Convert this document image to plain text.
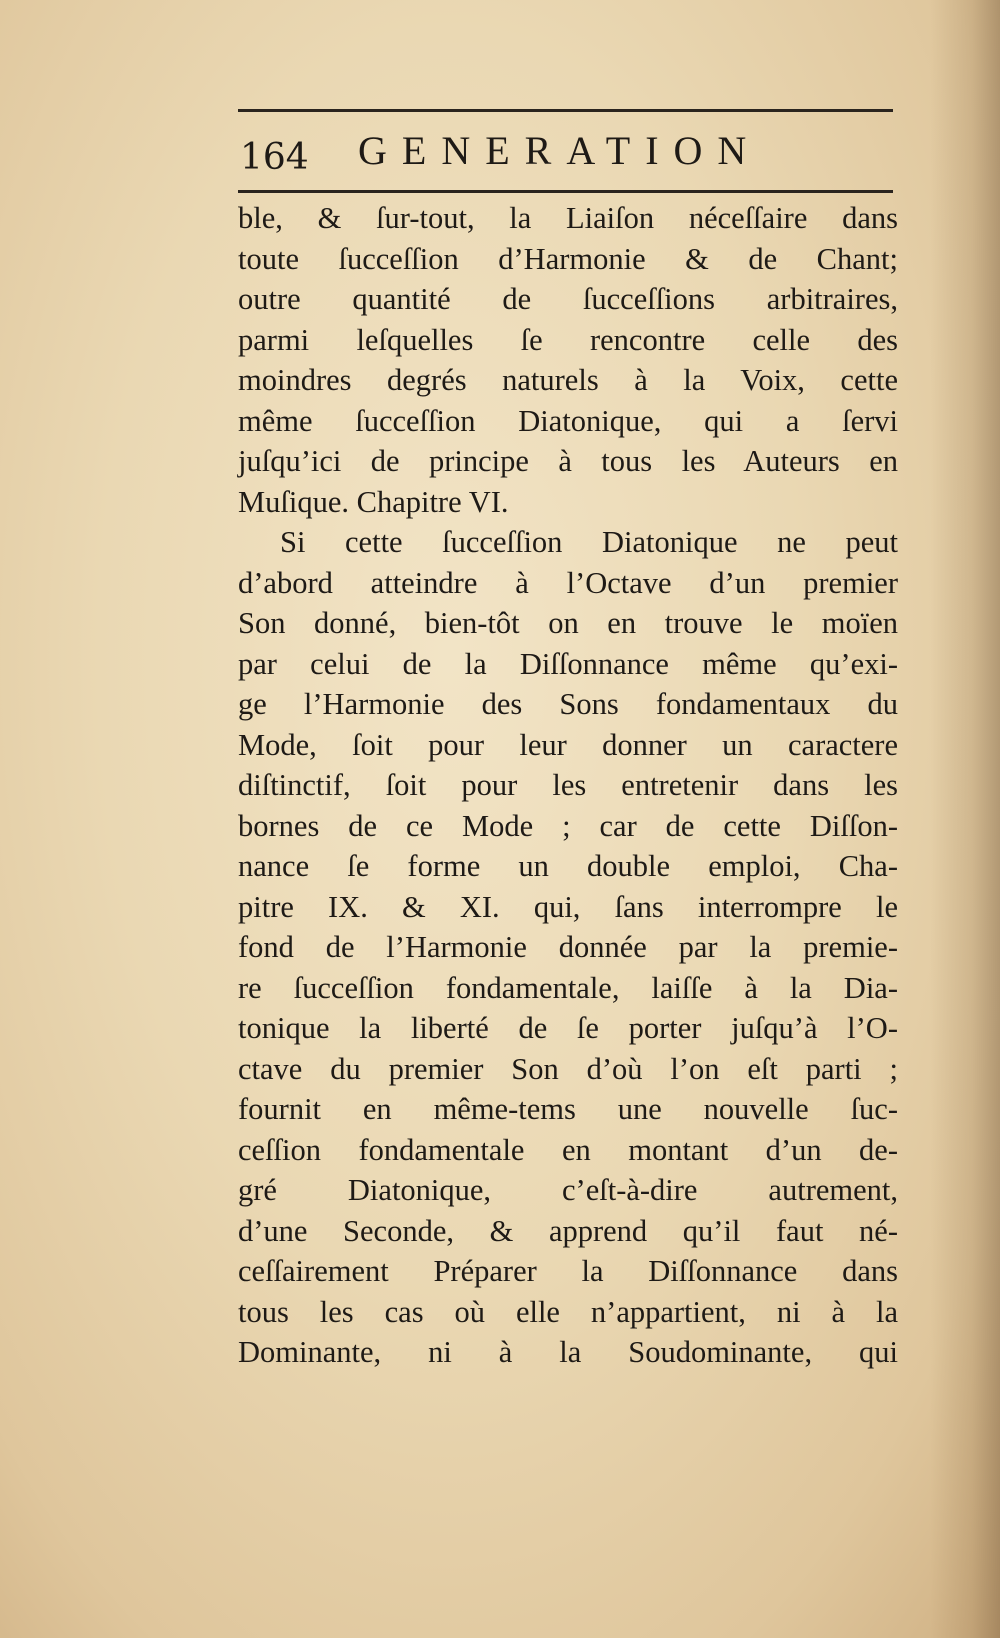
164 GENERATION
ble, & ſur-tout, la Liaiſon néceſſaire dans
toute ſucceſſion d’Harmonie & de Chant;
outre quantité de ſucceſſions arbitraires,
parmi leſquelles ſe rencontre celle des
moindres degrés naturels à la Voix, cette
même ſucceſſion Diatonique, qui a ſervi
juſqu’ici de principe à tous les Auteurs en
Muſique. Chapitre VI.
Si cette ſucceſſion Diatonique ne peut
d’abord atteindre à l’Octave d’un premier
Son donné, bien-tôt on en trouve le moïen
par celui de la Diſſonnance même qu’exi-
ge l’Harmonie des Sons fondamentaux du
Mode, ſoit pour leur donner un caractere
diſtinctif, ſoit pour les entretenir dans les
bornes de ce Mode ; car de cette Diſſon-
nance ſe forme un double emploi, Cha-
pitre IX. & XI. qui, ſans interrompre le
fond de l’Harmonie donnée par la premie-
re ſucceſſion fondamentale, laiſſe à la Dia-
tonique la liberté de ſe porter juſqu’à l’O-
ctave du premier Son d’où l’on eſt parti ;
fournit en même-tems une nouvelle ſuc-
ceſſion fondamentale en montant d’un de-
gré Diatonique, c’eſt-à-dire autrement,
d’une Seconde, & apprend qu’il faut né-
ceſſairement Préparer la Diſſonnance dans
tous les cas où elle n’appartient, ni à la
Dominante, ni à la Soudominante, qui
